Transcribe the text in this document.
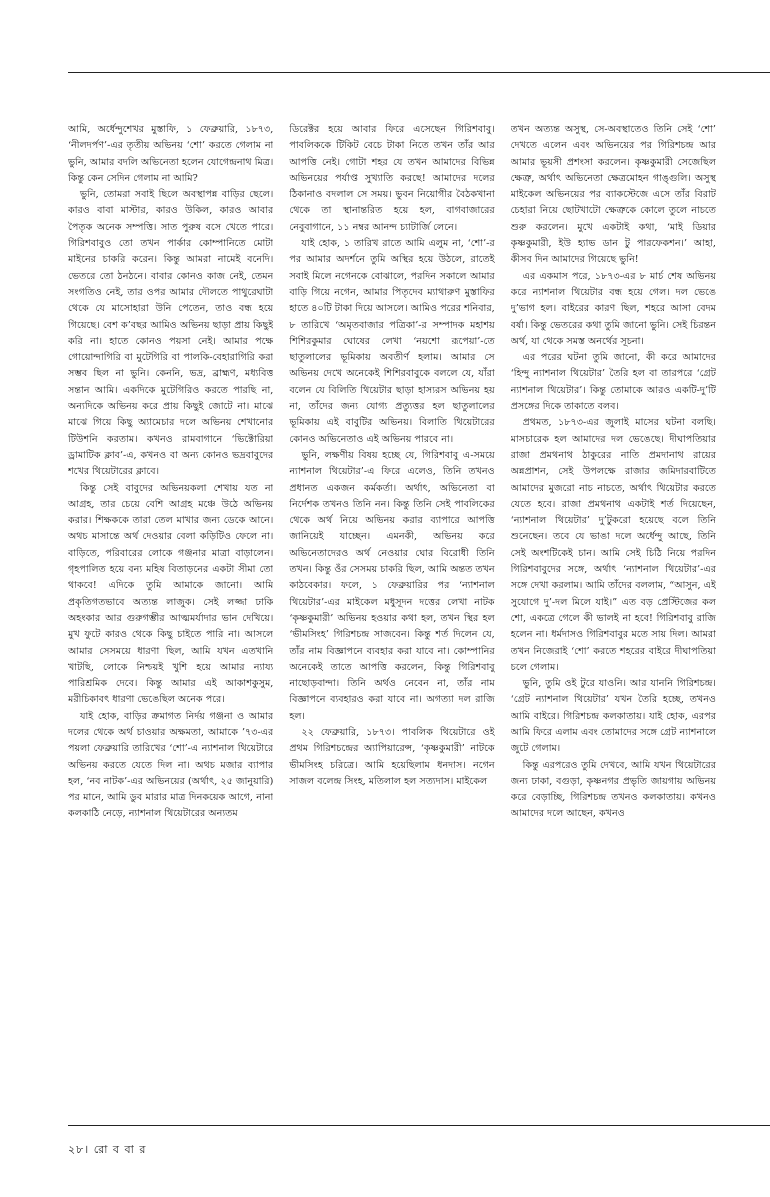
আমি, অর্ধেন্দুশেখর মুস্তাফি, ১ ফেব্রুয়ারি, ১৮৭৩, ‘নীলদর্পণ’-এর তৃতীয় অভিনয় ‘শো’ করতে গেলাম না ভুনি, আমার বদলি অভিনেতা হলেন যোগেন্দ্রনাথ মিত্র। কিন্তু কেন সেদিন গেলাম না আমি?

ভুনি, তোমরা সবাই ছিলে অবস্থাপন্ন বাড়ির ছেলে। কারও বাবা মাস্টার, কারও উকিল, কারও আবার পৈতৃক অনেক সম্পত্তি। সাত পুরুষ বসে খেতে পারে। গিরিশবাবুও তো তখন পার্কার কোম্পানিতে মোটা মাইনের চাকরি করেন। কিন্তু আমরা নামেই বনেদি। ভেতরে তো ঠনঠনে। বাবার কোনও কাজ নেই, তেমন সংগতিও নেই, তার ওপর আমার দৌলতে পাথুরেঘাটা থেকে যে মাসোহারা উনি পেতেন, তাও বন্ধ হয়ে গিয়েছে। বেশ ক’বছর আমিও অভিনয় ছাড়া প্রায় কিছুই করি না। হাতে কোনও পয়সা নেই। আমার পক্ষে গোয়োন্দাগিরি বা মুটেগিরি বা পালকি-বেহারাগিরি করা সম্ভব ছিল না ভুনি। কেননি, ভদ্র, ব্রাহ্মণ, মধ্যবিত্ত সন্তান আমি। একদিকে মুটেগিরিও করতে পারছি না, অন্যদিকে অভিনয় করে প্রায় কিছুই জোটে না। মাঝে মাঝে গিয়ে কিছু অ্যামেচার দলে অভিনয় শেখানোর টিউশনি করতাম। কখনও রামবাগানে ‘ভিক্টোরিয়া ড্রামাটিক ক্লাব’-এ, কখনও বা অন্য কোনও ভদ্রবাবুদের শখের থিয়েটারের ক্লাবে।

কিন্তু সেই বাবুদের অভিনয়কলা শেখায় যত না আগ্রহ, তার চেয়ে বেশি আগ্রহ মঞ্চে উঠে অভিনয় করার। শিক্ষককে তারা তেল মাখার জন্য ডেকে আনে। অথচ মাসান্তে অর্থ দেওয়ার বেলা কড়িটিও ফেলে না। বাড়িতে, পরিবারের লোকে গঞ্জনার মাত্রা বাড়ালেন। গৃহপালিত হয়ে বন্য মহিষ বিতাড়নের একটা সীমা তো থাকবে! এদিকে তুমি আমাকে জানো। আমি প্রকৃতিগতভাবে অত্যন্ত লাজুক। সেই লজ্জা ঢাকি অহংকার আর গুরুগম্ভীর আত্মমর্যাদার ভান দেখিয়ে। মুখ ফুটে কারও থেকে কিছু চাইতে পারি না। আসলে আমার সেসময়ে ধারণা ছিল, আমি যখন এতখানি খাটছি, লোকে নিশ্চয়ই খুশি হয়ে আমার ন্যায্য পারিশ্রমিক দেবে। কিন্তু আমার এই আকাশকুসুম, মরীচিকাবৎ ধারণা ভেঙেছিল অনেক পরে।

যাই হোক, বাড়ির ক্রমাগত নির্দয় গঞ্জনা ও আমার দলের থেকে অর্থ চাওয়ার অক্ষমতা, আমাকে ’৭৩-এর পয়লা ফেব্রুয়ারি তারিখের ‘শো’-এ ন্যাশনাল থিয়েটারে অভিনয় করতে যেতে দিল না। অথচ মজার ব্যাপার হল, ‘নব নাটক’-এর অভিনয়ের (অর্থাৎ, ২৫ জানুয়ারি) পর মানে, আমি ডুব মারার মাত্র দিনকয়েক আগে, নানা কলকাঠি নেড়ে, ন্যাশনাল থিয়েটারের অন্যতম

ডিরেক্টর হয়ে আবার ফিরে এসেছেন গিরিশবাবু। পাবলিককে টিকিট বেচে টাকা নিতে তখন তাঁর আর আপত্তি নেই। গোটা শহর যে তখন আমাদের বিভিন্ন অভিনয়ের পর্যাপ্ত সুখ্যাতি করছে! আমাদের দলের ঠিকানাও বদলাল সে সময়। ভুবন নিয়োগীর বৈঠকখানা থেকে তা স্থানান্তরিত হয়ে হল, বাগবাজারের নেবুবাগানে, ১১ নম্বর আনন্দ চ্যাটার্জি লেনে।

যাই হোক, ১ তারিখ রাতে আমি এলুম না, ‘শো’-র পর আমার অদর্শনে তুমি অস্থির হয়ে উঠলে, রাতেই সবাই মিলে নগেনকে বোঝালে, পরদিন সকালে আমার বাড়ি গিয়ে নগেন, আমার পিতৃদেব ম্যাথারুণ মুস্তাফির হাতে ৪০টি টাকা দিয়ে আসলে। আমিও পরের শনিবার, ৮ তারিখে ‘অমৃতবাজার পত্রিকা’-র সম্পাদক মহাশয় শিশিরকুমার ঘোষের লেখা ‘নয়শো রূপেয়া’-তে ছাতুলালের ভূমিকায় অবতীর্ণ হলাম। আমার সে অভিনয় দেখে অনেকেই শিশিরবাবুকে বললে যে, যাঁরা বলেন যে বিলিতি থিয়েটার ছাড়া হাস্যরস অভিনয় হয় না, তাঁদের জন্য যোগ্য প্রত্যুত্তর হল ছাতুলালের ভূমিকায় এই বাবুটির অভিনয়। বিলাতি থিয়েটারের কোনও অভিনেতাও এই অভিনয় পারবে না।

ভুনি, লক্ষণীয় বিষয় হচ্ছে যে, গিরিশবাবু এ-সময়ে ন্যাশনাল থিয়েটার’-এ ফিরে এলেও, তিনি তখনও প্রধানত একজন কর্মকর্তা। অর্থাৎ, অভিনেতা বা নির্দেশক তখনও তিনি নন। কিন্তু তিনি সেই পাবলিকের থেকে অর্থ নিয়ে অভিনয় করার ব্যাপারে আপত্তি জানিয়েই যাচ্ছেন। এমনকী, অভিনয় করে অভিনেতাদেরও অর্থ নেওয়ার ঘোর বিরোধী তিনি তখন। কিন্তু ওঁর সেসময় চাকরি ছিল, আমি অন্তত তখন কাঠবেকার। ফলে, ১ ফেব্রুয়ারির পর ‘ন্যাশনাল থিয়েটার’-এর মাইকেল মধুসূদন দত্তের লেখা নাটক ‘কৃষ্ণকুমারী’ অভিনয় হওয়ার কথা হল, তখন স্থির হল ‘ভীমসিংহ’ গিরিশচন্দ্র সাজবেন। কিন্তু শর্ত দিলেন যে, তাঁর নাম বিজ্ঞাপনে ব্যবহার করা যাবে না। কোম্পানির অনেকেই তাতে আপত্তি করলেন, কিন্তু গিরিশবাবু নাছোড়বান্দা। তিনি অর্থও নেবেন না, তাঁর নাম বিজ্ঞাপনে ব্যবহারও করা যাবে না। অগত্যা দল রাজি হল।

২২ ফেব্রুয়ারি, ১৮৭৩। পাবলিক থিয়েটারে ওই প্রথম গিরিশচন্দ্রের অ্যাপিয়ারেন্স, ‘কৃষ্ণকুমারী’ নাটকে ভীমসিংহ চরিত্রে। আমি হয়েছিলাম ধনদাস। নগেন সাজল বলেন্দ্র সিংহ, মতিলাল হল সত্যদাস। মাইকেল

তখন অত্যন্ত অসুস্থ, সে-অবস্থাতেও তিনি সেই ‘শো’ দেখতে এলেন এবং অভিনয়ের পর গিরিশচন্দ্র আর আমার ভূয়সী প্রশংসা করলেন। কৃষ্ণকুমারী সেজেছিল ক্ষেত্রু, অর্থাৎ অভিনেতা ক্ষেত্রমোহন গাঙ্গুলি। অসুস্থ মাইকেল অভিনয়ের পর ব্যাকস্টেজে এসে তাঁর বিরাট চেহারা নিয়ে ছোটখাটো ক্ষেত্রুকে কোলে তুলে নাচতে শুরু করলেন। মুখে একটাই কথা, ‘মাই ডিয়ার কৃষ্ণকুমারী, ইউ হ্যাভ ডান টু পারফেকশন।’ আহা, কীসব দিন আমাদের গিয়েছে ভুনি!

এর একমাস পরে, ১৮৭৩-এর ৮ মার্চ শেষ অভিনয় করে ন্যাশনাল থিয়েটার বন্ধ হয়ে গেল। দল ভেঙে দু’ভাগ হল। বাইরের কারণ ছিল, শহরে আসা বেদম বর্ষা। কিন্তু ভেতরের কথা তুমি জানো ভুনি। সেই চিরন্তন অর্থ, যা থেকে সমস্ত অনর্থের সূচনা।

এর পরের ঘটনা তুমি জানো, কী করে আমাদের ‘হিন্দু ন্যাশনাল থিয়েটার’ তৈরি হল বা তারপরে ‘গ্রেট ন্যাশনাল থিয়েটার’। কিন্তু তোমাকে আরও একটি-দু’টি প্রসঙ্গের দিকে তাকাতে বলব।

প্রথমত, ১৮৭৩-এর জুলাই মাসের ঘটনা বলছি। মাসচারেক হল আমাদের দল ভেঙেছে। দীঘাপতিয়ার রাজা প্রমথনাথ ঠাকুরের নাতি প্রমদানাথ রায়ের অন্নপ্রাশন, সেই উপলক্ষে রাজার জমিদারবাটিতে আমাদের মুজরো নাচ নাচতে, অর্থাৎ থিয়েটার করতে যেতে হবে। রাজা প্রমথনাথ একটাই শর্ত দিয়েছেন, ‘ন্যাশনাল থিয়েটার’ দু’টুকরো হয়েছে বলে তিনি শুনেছেন। তবে যে ভাঙা দলে অর্ধেন্দু আছে, তিনি সেই অংশটিকেই চান। আমি সেই চিঠি নিয়ে পরদিন গিরিশবাবুদের সঙ্গে, অর্থাৎ ‘ন্যাশনাল থিয়েটার’-এর সঙ্গে দেখা করলাম। আমি তাঁদের বললাম, “আসুন, এই সুযোগে দু’-দল মিলে যাই।” এত বড় প্রেস্টিজের কল শো, একত্রে গেলে কী ভালই না হবে! গিরিশবাবু রাজি হলেন না। ধর্মদাসও গিরিশবাবুর মতে সায় দিল। আমরা তখন নিজেরাই ‘শো’ করতে শহরের বাইরে দীঘাপতিয়া চলে গেলাম।

ভুনি, তুমি ওই টুরে যাওনি। আর যাননি গিরিশচন্দ্র। ‘গ্রেট ন্যাশনাল থিয়েটার’ যখন তৈরি হচ্ছে, তখনও আমি বাইরে। গিরিশচন্দ্র কলকাতায়। যাই হোক, এরপর আমি ফিরে এলাম এবং তোমাদের সঙ্গে গ্রেট ন্যাশনালে জুটে গেলাম।

কিন্তু এরপরেও তুমি দেখবে, আমি যখন থিয়েটারের জন্য ঢাকা, বগুড়া, কৃষ্ণনগর প্রভৃতি জায়গায় অভিনয় করে বেড়াচ্ছি, গিরিশচন্দ্র তখনও কলকাতায়। কখনও আমাদের দলে আছেন, কখনও

২৮। রো ব বা র
